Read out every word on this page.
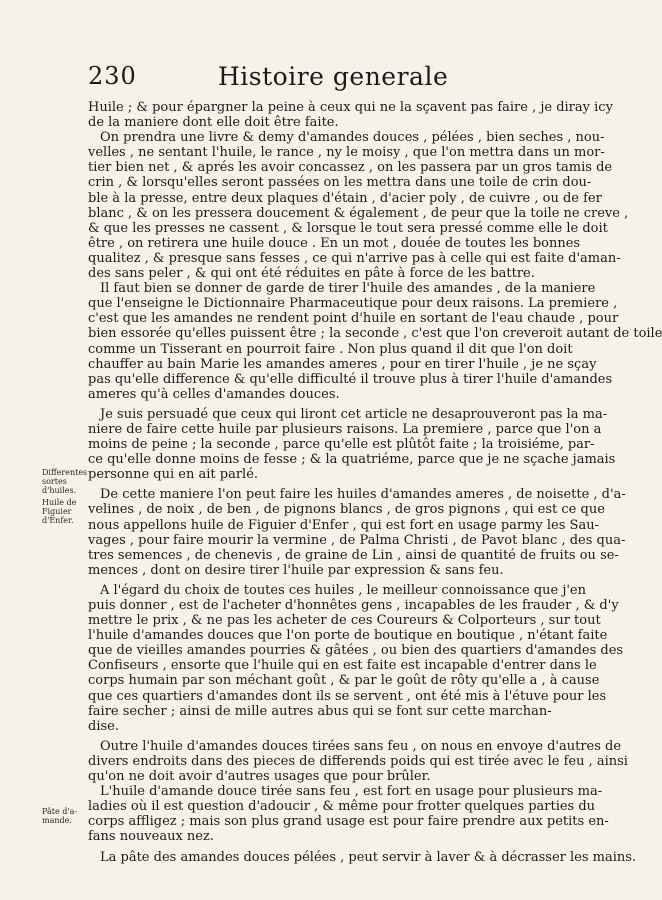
230	Histoire generale
Huile ; & pour épargner la peine à ceux qui ne la sçavent pas faire , je diray icy
de la maniere dont elle doit être faite.
On prendra une livre & demy d'amandes douces , pélées , bien seches , nou-
velles , ne sentant l'huile, le rance , ny le moisy , que l'on mettra dans un mor-
tier bien net , & aprés les avoir concassez , on les passera par un gros tamis de
crin , & lorsqu'elles seront passées on les mettra dans une toile de crin dou-
ble à la presse, entre deux plaques d'étain , d'acier poly , de cuivre , ou de fer
blanc , & on les pressera doucement & également , de peur que la toile ne creve ,
& que les presses ne cassent , & lorsque le tout sera pressé comme elle le doit
être , on retirera une huile douce . En un mot , douée de toutes les bonnes
qualitez , & presque sans fesses , ce qui n'arrive pas à celle qui est faite d'aman-
des sans peler , & qui ont été réduites en pâte à force de les battre.
Il faut bien se donner de garde de tirer l'huile des amandes , de la maniere
que l'enseigne le Dictionnaire Pharmaceutique pour deux raisons. La premiere ,
c'est que les amandes ne rendent point d'huile en sortant de l'eau chaude , pour
bien essorée qu'elles puissent être ; la seconde , c'est que l'on creveroit autant de toile
comme un Tisserant en pourroit faire . Non plus quand il dit que l'on doit
chauffer au bain Marie les amandes ameres , pour en tirer l'huile , je ne sçay
pas qu'elle difference & qu'elle difficulté il trouve plus à tirer l'huile d'amandes
ameres qu'à celles d'amandes douces.
Je suis persuadé que ceux qui liront cet article ne desaprouveront pas la ma-
niere de faire cette huile par plusieurs raisons. La premiere , parce que l'on a
moins de peine ; la seconde , parce qu'elle est plûtôt faite ; la troisiéme, par-
ce qu'elle donne moins de fesse ; & la quatriéme, parce que je ne sçache jamais
personne qui en ait parlé.
De cette maniere l'on peut faire les huiles d'amandes ameres , de noisette , d'a-
velines , de noix , de ben , de pignons blancs , de gros pignons , qui est ce que
nous appellons huile de Figuier d'Enfer , qui est fort en usage parmy les Sau-
vages , pour faire mourir la vermine , de Palma Christi , de Pavot blanc , des qua-
tres semences , de chenevis , de graine de Lin , ainsi de quantité de fruits ou se-
mences , dont on desire tirer l'huile par expression & sans feu.
A l'égard du choix de toutes ces huiles , le meilleur connoissance que j'en
puis donner , est de l'acheter d'honnêtes gens , incapables de les frauder , & d'y
mettre le prix , & ne pas les acheter de ces Coureurs & Colporteurs , sur tout
l'huile d'amandes douces que l'on porte de boutique en boutique , n'étant faite
que de vieilles amandes pourries & gâtées , ou bien des quartiers d'amandes des
Confiseurs , ensorte que l'huile qui en est faite est incapable d'entrer dans le
corps humain par son méchant goût , & par le goût de rôty qu'elle a , à cause
que ces quartiers d'amandes dont ils se servent , ont été mis à l'étuve pour les
faire secher ; ainsi de mille autres abus qui se font sur cette marchan-
dise.
Outre l'huile d'amandes douces tirées sans feu , on nous en envoye d'autres de
divers endroits dans des pieces de differends poids qui est tirée avec le feu , ainsi
qu'on ne doit avoir d'autres usages que pour brûler.
L'huile d'amande douce tirée sans feu , est fort en usage pour plusieurs ma-
ladies où il est question d'adoucir , & même pour frotter quelques parties du
corps affligez ; mais son plus grand usage est pour faire prendre aux petits en-
fans nouveaux nez.
La pâte des amandes douces pélées , peut servir à laver & à décrasser les mains.
Differentes
sortes
d'huiles.
Huile de
Figuier
d'Enfer.
Pâte d'a-
mande.
